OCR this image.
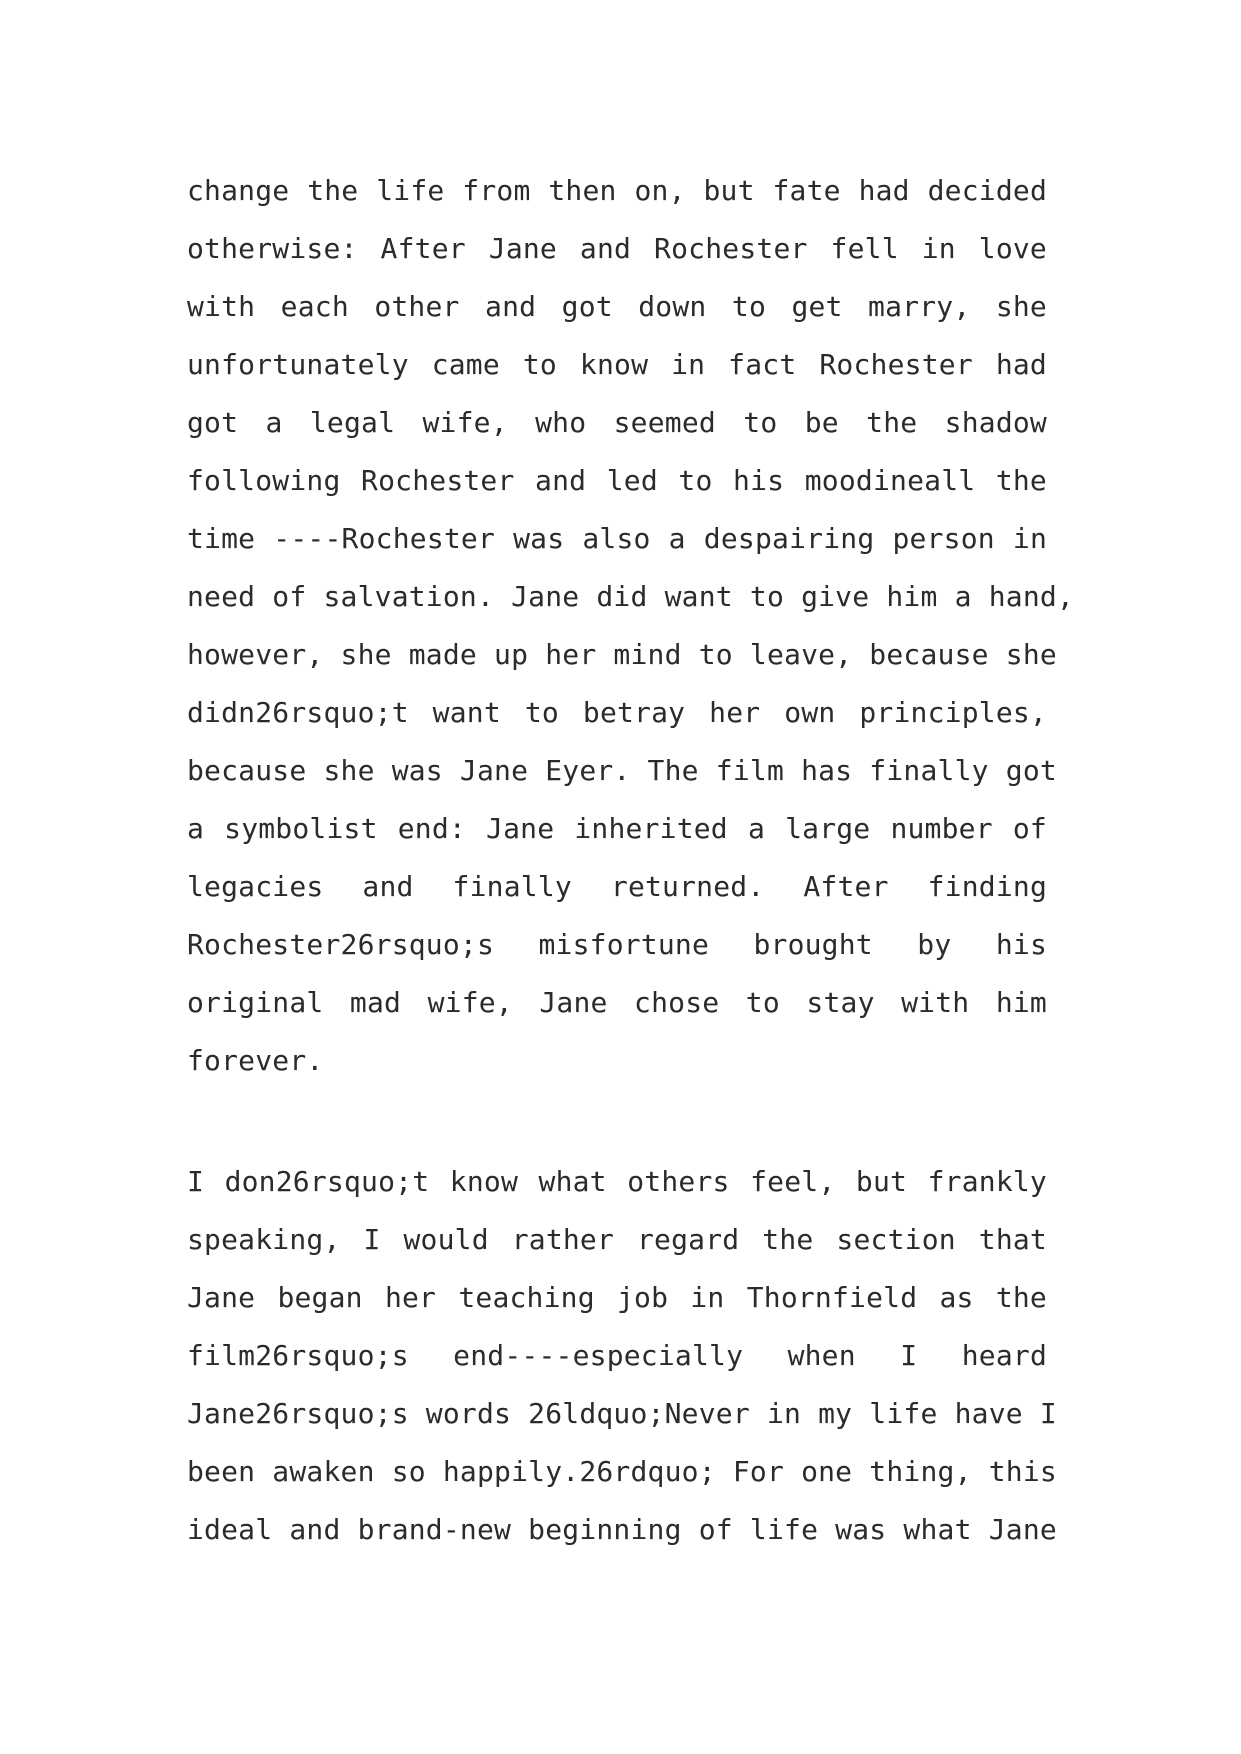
change the life from then on, but fate had decided
otherwise: After Jane and Rochester fell in love
with each other and got down to get marry, she
unfortunately came to know in fact Rochester had
got a legal wife, who seemed to be the shadow
following Rochester and led to his moodineall the
time ----Rochester was also a despairing person in
need of salvation. Jane did want to give him a hand,
however, she made up her mind to leave, because she
didn26rsquo;t want to betray her own principles,
because she was Jane Eyer. The film has finally got
a symbolist end: Jane inherited a large number of
legacies and finally returned. After finding
Rochester26rsquo;s misfortune brought by his
original mad wife, Jane chose to stay with him
forever.
I don26rsquo;t know what others feel, but frankly
speaking, I would rather regard the section that
Jane began her teaching job in Thornfield as the
film26rsquo;s end----especially when I heard
Jane26rsquo;s words 26ldquo;Never in my life have I
been awaken so happily.26rdquo; For one thing, this
ideal and brand-new beginning of life was what Jane
